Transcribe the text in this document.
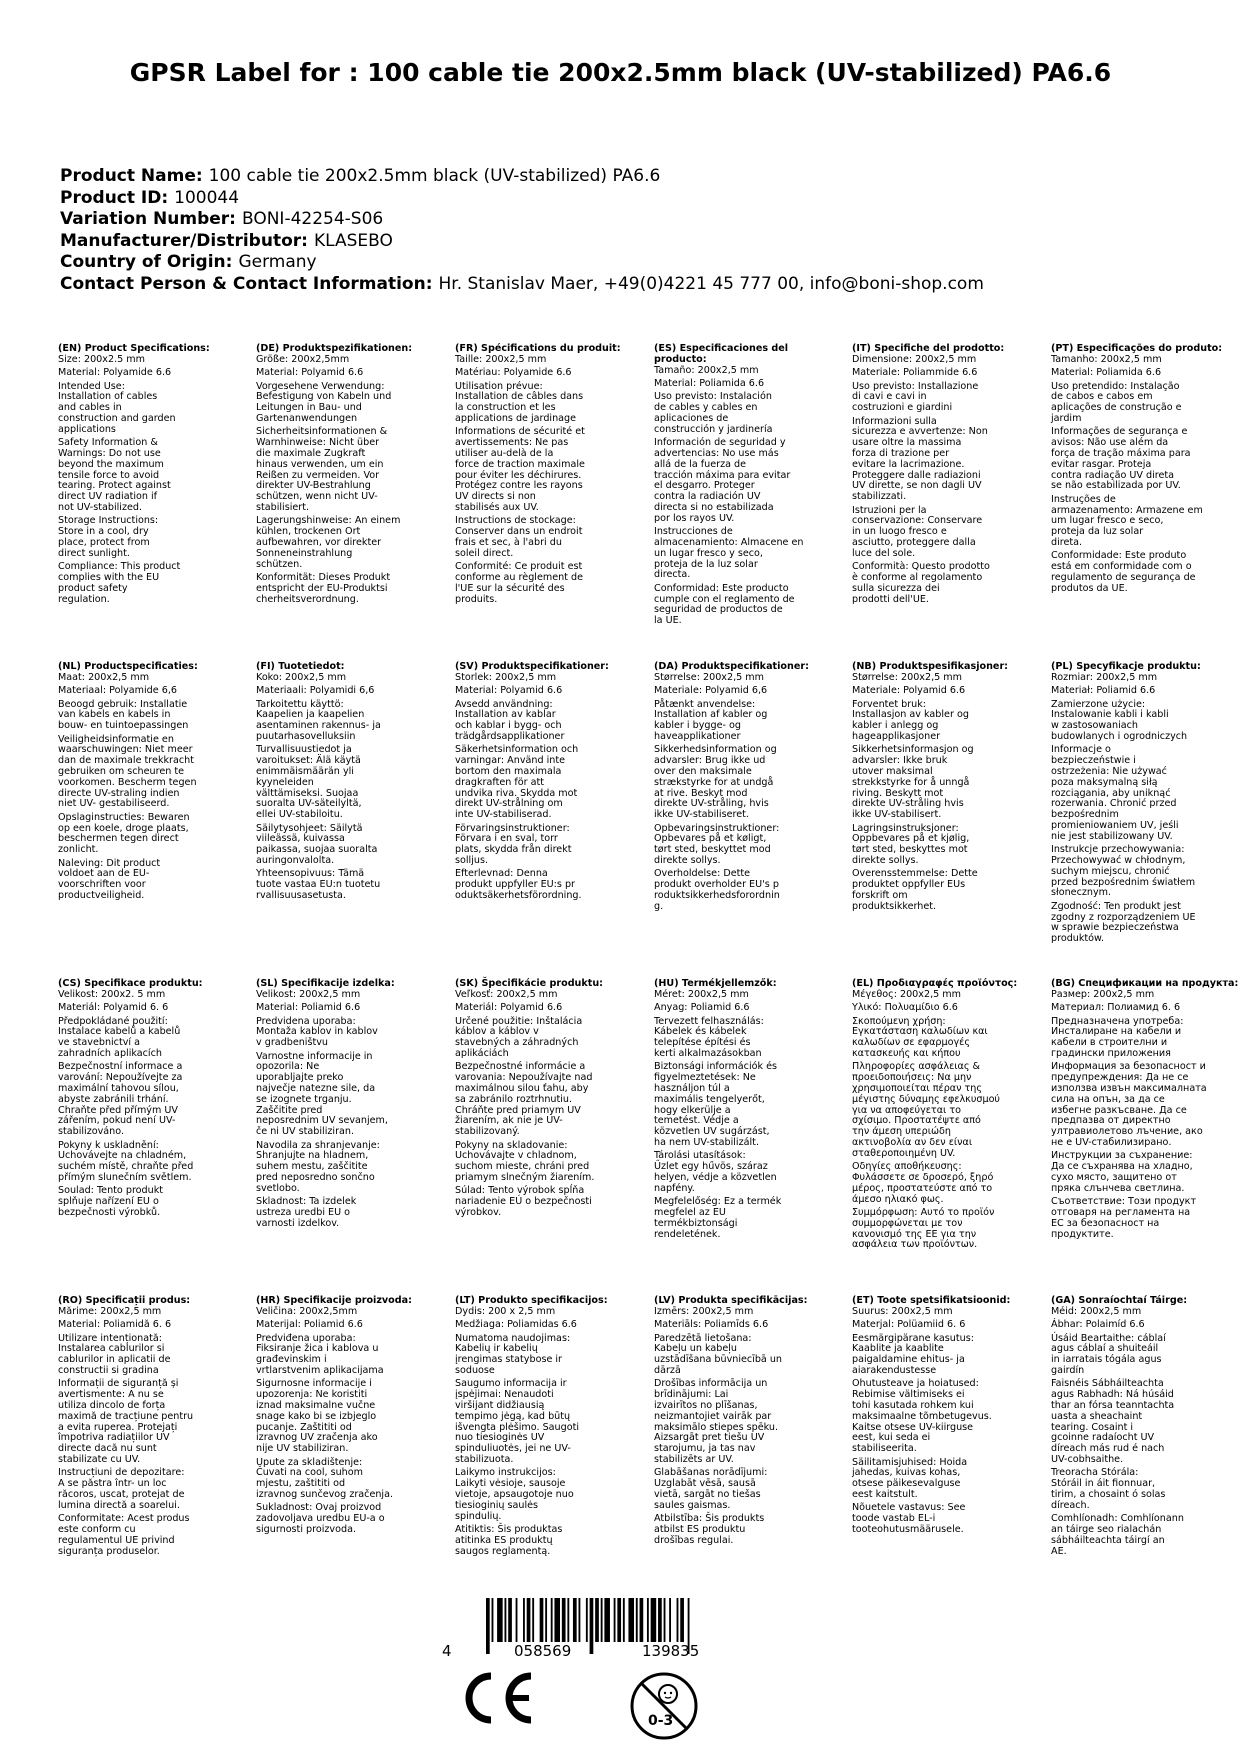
GPSR Label for : 100 cable tie 200x2.5mm black (UV-stabilized) PA6.6
Product Name: 100 cable tie 200x2.5mm black (UV-stabilized) PA6.6
Product ID: 100044
Variation Number: BONI-42254-S06
Manufacturer/Distributor: KLASEBO
Country of Origin: Germany
Contact Person & Contact Information: Hr. Stanislav Maer, +49(0)4221 45 777 00, info@boni-shop.com
(EN) Product Specifications:
Size: 200x2.5 mm
Material: Polyamide 6.6
Intended Use:
Installation of cables
and cables in
construction and garden
applications
Safety Information &
Warnings: Do not use
beyond the maximum
tensile force to avoid
tearing. Protect against
direct UV radiation if
not UV-stabilized.
Storage Instructions:
Store in a cool, dry
place, protect from
direct sunlight.
Compliance: This product
complies with the EU
product safety
regulation.
(DE) Produktspezifikationen:
Größe: 200x2,5mm
Material: Polyamid 6.6
Vorgesehene Verwendung:
Befestigung von Kabeln und
Leitungen in Bau- und
Gartenanwendungen
Sicherheitsinformationen &
Warnhinweise: Nicht über
die maximale Zugkraft
hinaus verwenden, um ein
Reißen zu vermeiden. Vor
direkter UV-Bestrahlung
schützen, wenn nicht UV-
stabilisiert.
Lagerungshinweise: An einem
kühlen, trockenen Ort
aufbewahren, vor direkter
Sonneneinstrahlung
schützen.
Konformität: Dieses Produkt
entspricht der EU-Produktsi
cherheitsverordnung.
(FR) Spécifications du produit:
Taille: 200x2,5 mm
Matériau: Polyamide 6.6
Utilisation prévue:
Installation de câbles dans
la construction et les
applications de jardinage
Informations de sécurité et
avertissements: Ne pas
utiliser au-delà de la
force de traction maximale
pour éviter les déchirures.
Protégez contre les rayons
UV directs si non
stabilisés aux UV.
Instructions de stockage:
Conserver dans un endroit
frais et sec, à l'abri du
soleil direct.
Conformité: Ce produit est
conforme au règlement de
l'UE sur la sécurité des
produits.
(ES) Especificaciones del producto:
Tamaño: 200x2,5 mm
Material: Poliamida 6.6
Uso previsto: Instalación
de cables y cables en
aplicaciones de
construcción y jardinería
Información de seguridad y
advertencias: No use más
allá de la fuerza de
tracción máxima para evitar
el desgarro. Proteger
contra la radiación UV
directa si no estabilizada
por los rayos UV.
Instrucciones de
almacenamiento: Almacene en
un lugar fresco y seco,
proteja de la luz solar
directa.
Conformidad: Este producto
cumple con el reglamento de
seguridad de productos de
la UE.
(IT) Specifiche del prodotto:
Dimensione: 200x2,5 mm
Materiale: Poliammide 6.6
Uso previsto: Installazione
di cavi e cavi in
costruzioni e giardini
Informazioni sulla
sicurezza e avvertenze: Non
usare oltre la massima
forza di trazione per
evitare la lacrimazione.
Proteggere dalle radiazioni
UV dirette, se non dagli UV
stabilizzati.
Istruzioni per la
conservazione: Conservare
in un luogo fresco e
asciutto, proteggere dalla
luce del sole.
Conformità: Questo prodotto
è conforme al regolamento
sulla sicurezza dei
prodotti dell'UE.
(PT) Especificações do produto:
Tamanho: 200x2,5 mm
Material: Poliamida 6.6
Uso pretendido: Instalação
de cabos e cabos em
aplicações de construção e
jardim
Informações de segurança e
avisos: Não use além da
força de tração máxima para
evitar rasgar. Proteja
contra radiação UV direta
se não estabilizada por UV.
Instruções de
armazenamento: Armazene em
um lugar fresco e seco,
proteja da luz solar
direta.
Conformidade: Este produto
está em conformidade com o
regulamento de segurança de
produtos da UE.
(NL) Productspecificaties:
Maat: 200x2,5 mm
Materiaal: Polyamide 6,6
Beoogd gebruik: Installatie
van kabels en kabels in
bouw- en tuintoepassingen
Veiligheidsinformatie en
waarschuwingen: Niet meer
dan de maximale trekkracht
gebruiken om scheuren te
voorkomen. Bescherm tegen
directe UV-straling indien
niet UV- gestabiliseerd.
Opslaginstructies: Bewaren
op een koele, droge plaats,
beschermen tegen direct
zonlicht.
Naleving: Dit product
voldoet aan de EU-
voorschriften voor
productveiligheid.
(FI) Tuotetiedot:
Koko: 200x2,5 mm
Materiaali: Polyamidi 6,6
Tarkoitettu käyttö:
Kaapelien ja kaapelien
asentaminen rakennus- ja
puutarhasovelluksiin
Turvallisuustiedot ja
varoitukset: Älä käytä
enimmäismäärän yli
kyyneleiden
välttämiseksi. Suojaa
suoralta UV-säteilyltä,
ellei UV-stabiloitu.
Säilytysohjeet: Säilytä
viileässä, kuivassa
paikassa, suojaa suoralta
auringonvalolta.
Yhteensopivuus: Tämä
tuote vastaa EU:n tuotetu
rvallisuusasetusta.
(SV) Produktspecifikationer:
Storlek: 200x2,5 mm
Material: Polyamid 6.6
Avsedd användning:
Installation av kablar
och kablar i bygg- och
trädgårdsapplikationer
Säkerhetsinformation och
varningar: Använd inte
bortom den maximala
dragkraften för att
undvika riva. Skydda mot
direkt UV-strålning om
inte UV-stabiliserad.
Förvaringsinstruktioner:
Förvara i en sval, torr
plats, skydda från direkt
solljus.
Efterlevnad: Denna
produkt uppfyller EU:s pr
oduktsäkerhetsförordning.
(DA) Produktspecifikationer:
Størrelse: 200x2,5 mm
Materiale: Polyamid 6,6
Påtænkt anvendelse:
Installation af kabler og
kabler i bygge- og
haveapplikationer
Sikkerhedsinformation og
advarsler: Brug ikke ud
over den maksimale
strækstyrke for at undgå
at rive. Beskyt mod
direkte UV-stråling, hvis
ikke UV-stabiliseret.
Opbevaringsinstruktioner:
Opbevares på et køligt,
tørt sted, beskyttet mod
direkte sollys.
Overholdelse: Dette
produkt overholder EU's p
roduktsikkerhedsforordnin
g.
(NB) Produktspesifikasjoner:
Størrelse: 200x2,5 mm
Materiale: Polyamid 6.6
Forventet bruk:
Installasjon av kabler og
kabler i anlegg og
hageapplikasjoner
Sikkerhetsinformasjon og
advarsler: Ikke bruk
utover maksimal
strekkstyrke for å unngå
riving. Beskytt mot
direkte UV-stråling hvis
ikke UV-stabilisert.
Lagringsinstruksjoner:
Oppbevares på et kjølig,
tørt sted, beskyttes mot
direkte sollys.
Overensstemmelse: Dette
produktet oppfyller EUs
forskrift om
produktsikkerhet.
(PL) Specyfikacje produktu:
Rozmiar: 200x2,5 mm
Materiał: Poliamid 6.6
Zamierzone użycie:
Instalowanie kabli i kabli
w zastosowaniach
budowlanych i ogrodniczych
Informacje o
bezpieczeństwie i
ostrzeżenia: Nie używać
poza maksymalną siłą
rozciągania, aby uniknąć
rozerwania. Chronić przed
bezpośrednim
promieniowaniem UV, jeśli
nie jest stabilizowany UV.
Instrukcje przechowywania:
Przechowywać w chłodnym,
suchym miejscu, chronić
przed bezpośrednim światłem
słonecznym.
Zgodność: Ten produkt jest
zgodny z rozporządzeniem UE
w sprawie bezpieczeństwa
produktów.
(CS) Specifikace produktu:
Velikost: 200x2. 5 mm
Materiál: Polyamid 6. 6
Předpokládané použití:
Instalace kabelů a kabelů
ve stavebnictví a
zahradních aplikacích
Bezpečnostní informace a
varování: Nepoužívejte za
maximální tahovou sílou,
abyste zabránili trhání.
Chraňte před přímým UV
zářením, pokud není UV-
stabilizováno.
Pokyny k uskladnění:
Uchovávejte na chladném,
suchém místě, chraňte před
přímým slunečním světlem.
Soulad: Tento produkt
splňuje nařízení EU o
bezpečnosti výrobků.
(SL) Specifikacije izdelka:
Velikost: 200x2,5 mm
Material: Poliamid 6.6
Predvidena uporaba:
Montaža kablov in kablov
v gradbeništvu
Varnostne informacije in
opozorila: Ne
uporabljajte preko
največje natezne sile, da
se izognete trganju.
Zaščitite pred
neposrednim UV sevanjem,
če ni UV stabiliziran.
Navodila za shranjevanje:
Shranjujte na hladnem,
suhem mestu, zaščitite
pred neposredno sončno
svetlobo.
Skladnost: Ta izdelek
ustreza uredbi EU o
varnosti izdelkov.
(SK) Špecifikácie produktu:
Veľkosť: 200x2,5 mm
Materiál: Polyamid 6.6
Určené použitie: Inštalácia
káblov a káblov v
stavebných a záhradných
aplikáciách
Bezpečnostné informácie a
varovania: Nepoužívajte nad
maximálnou silou ťahu, aby
sa zabránilo roztrhnutiu.
Chráňte pred priamym UV
žiarením, ak nie je UV-
stabilizovaný.
Pokyny na skladovanie:
Uchovávajte v chladnom,
suchom mieste, chráni pred
priamym slnečným žiarením.
Súlad: Tento výrobok spĺňa
nariadenie EÚ o bezpečnosti
výrobkov.
(HU) Termékjellemzők:
Méret: 200x2,5 mm
Anyag: Poliamid 6.6
Tervezett felhasználás:
Kábelek és kábelek
telepítése építési és
kerti alkalmazásokban
Biztonsági információk és
figyelmeztetések: Ne
használjon túl a
maximális tengelyerőt,
hogy elkerülje a
temetést. Védje a
közvetlen UV sugárzást,
ha nem UV-stabilizált.
Tárolási utasítások:
Űzlet egy hűvös, száraz
helyen, védje a közvetlen
napfény.
Megfelelőség: Ez a termék
megfelel az EU
termékbiztonsági
rendeletének.
(EL) Προδιαγραφές προϊόντος:
Μέγεθος: 200x2,5 mm
Υλικό: Πολυαμίδιο 6.6
Σκοπούμενη χρήση:
Εγκατάσταση καλωδίων και
καλωδίων σε εφαρμογές
κατασκευής και κήπου
Πληροφορίες ασφάλειας &
προειδοποιήσεις: Να μην
χρησιμοποιείται πέραν της
μέγιστης δύναμης εφελκυσμού
για να αποφεύγεται το
σχίσιμο. Προστατέψτε από
την άμεση υπεριώδη
ακτινοβολία αν δεν είναι
σταθεροποιημένη UV.
Οδηγίες αποθήκευσης:
Φυλάσσετε σε δροσερό, ξηρό
μέρος, προστατεύστε από το
άμεσο ηλιακό φως.
Συμμόρφωση: Αυτό το προϊόν
συμμορφώνεται με τον
κανονισμό της ΕΕ για την
ασφάλεια των προϊόντων.
(BG) Спецификации на продукта:
Размер: 200x2,5 mm
Материал: Полиамид 6. 6
Предназначена употреба:
Инсталиране на кабели и
кабели в строителни и
градински приложения
Информация за безопасност и
предупреждения: Да не се
използва извън максималната
сила на опън, за да се
избегне разкъсване. Да се
предпазва от директно
ултравиолетово лъчение, ако
не е UV-стабилизирано.
Инструкции за съхранение:
Да се съхранява на хладно,
сухо място, защитено от
пряка слънчева светлина.
Съответствие: Този продукт
отговаря на регламента на
ЕС за безопасност на
продуктите.
(RO) Specificații produs:
Mărime: 200x2,5 mm
Material: Poliamidă 6. 6
Utilizare intenționată:
Instalarea cablurilor si
cablurilor in aplicatii de
constructii si gradina
Informații de siguranță și
avertismente: A nu se
utiliza dincolo de forța
maximă de tracțiune pentru
a evita ruperea. Protejați
împotriva radiațiilor UV
directe dacă nu sunt
stabilizate cu UV.
Instrucțiuni de depozitare:
A se păstra într- un loc
răcoros, uscat, protejat de
lumina directă a soarelui.
Conformitate: Acest produs
este conform cu
regulamentul UE privind
siguranța produselor.
(HR) Specifikacije proizvoda:
Veličina: 200x2,5mm
Materijal: Poliamid 6.6
Predviđena uporaba:
Fiksiranje žica i kablova u
građevinskim i
vrtlarstvenim aplikacijama
Sigurnosne informacije i
upozorenja: Ne koristiti
iznad maksimalne vučne
snage kako bi se izbjeglo
pucanje. Zaštititi od
izravnog UV zračenja ako
nije UV stabiliziran.
Upute za skladištenje:
Čuvati na cool, suhom
mjestu, zaštititi od
izravnog sunčevog zračenja.
Sukladnost: Ovaj proizvod
zadovoljava uredbu EU-a o
sigurnosti proizvoda.
(LT) Produkto specifikacijos:
Dydis: 200 x 2,5 mm
Medžiaga: Poliamidas 6.6
Numatoma naudojimas:
Kabelių ir kabelių
įrengimas statybose ir
soduose
Saugumo informacija ir
įspėjimai: Nenaudoti
viršijant didžiausią
tempimo jėgą, kad būtų
išvengta plėšimo. Saugoti
nuo tiesioginės UV
spinduliuotės, jei ne UV-
stabilizuota.
Laikymo instrukcijos:
Laikyti vėsioje, sausoje
vietoje, apsaugotoje nuo
tiesioginių saulės
spindulių.
Atitiktis: Šis produktas
atitinka ES produktų
saugos reglamentą.
(LV) Produkta specifikācijas:
Izmērs: 200x2,5 mm
Materiāls: Poliamīds 6.6
Paredzētā lietošana:
Kabeļu un kabeļu
uzstādīšana būvniecībā un
dārzā
Drošības informācija un
brīdinājumi: Lai
izvairītos no plīšanas,
neizmantojiet vairāk par
maksimālo stiepes spēku.
Aizsargāt pret tiešu UV
starojumu, ja tas nav
stabilizēts ar UV.
Glabāšanas norādījumi:
Uzglabāt vēsā, sausā
vietā, sargāt no tiešas
saules gaismas.
Atbilstība: Šis produkts
atbilst ES produktu
drošības regulai.
(ET) Toote spetsifikatsioonid:
Suurus: 200x2,5 mm
Materjal: Polüamiid 6. 6
Eesmärgipärane kasutus:
Kaablite ja kaablite
paigaldamine ehitus- ja
aiarakendustesse
Ohutusteave ja hoiatused:
Rebimise vältimiseks ei
tohi kasutada rohkem kui
maksimaalne tõmbetugevus.
Kaitse otsese UV-kiirguse
eest, kui seda ei
stabiliseerita.
Säilitamisjuhised: Hoida
jahedas, kuivas kohas,
otsese päikesevalguse
eest kaitstult.
Nõuetele vastavus: See
toode vastab EL-i
tooteohutusmäärusele.
(GA) Sonraíochtaí Táirge:
Méid: 200x2,5 mm
Ábhar: Polaimíd 6.6
Úsáid Beartaithe: cáblaí
agus cáblaí a shuiteáil
in iarratais tógála agus
gairdín
Faisnéis Sábháilteachta
agus Rabhadh: Ná húsáid
thar an fórsa teanntachta
uasta a sheachaint
tearing. Cosaint i
gcoinne radaíocht UV
díreach más rud é nach
UV-cobhsaithe.
Treoracha Stórála:
Stóráil in áit fionnuar,
tirim, a chosaint ó solas
díreach.
Comhlíonadh: Comhlíonann
an táirge seo rialachán
sábháilteachta táirgí an
AE.
4	058569	139835
0-3
